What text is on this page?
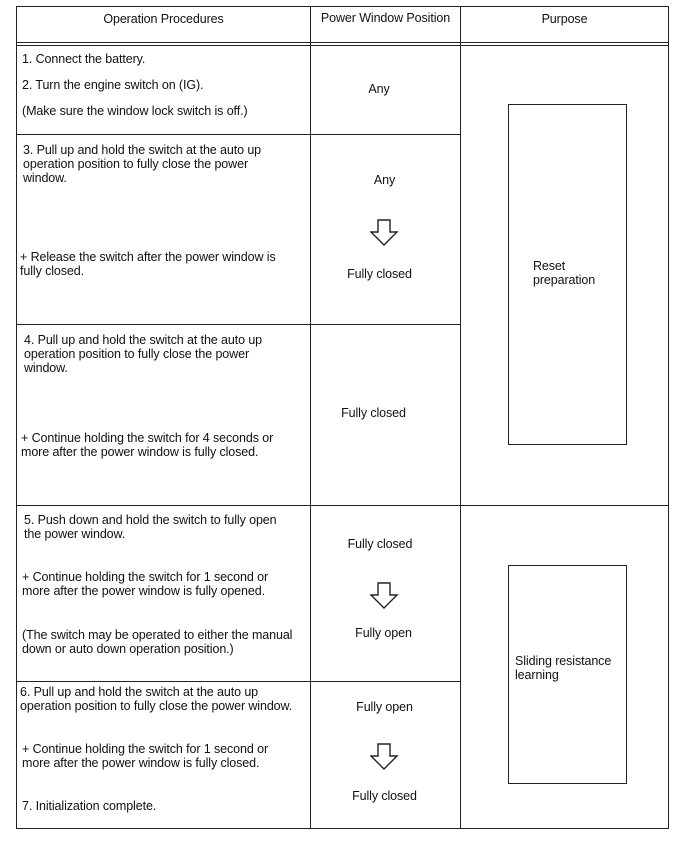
Operation Procedures	Power Window Position	Purpose
1. Connect the battery.
2. Turn the engine switch on (IG).
(Make sure the window lock switch is off.)
Any
3. Pull up and hold the switch at the auto up
operation position to fully close the power
window.
+ Release the switch after the power window is
fully closed.
Any
Fully closed
4. Pull up and hold the switch at the auto up
operation position to fully close the power
window.
+ Continue holding the switch for 4 seconds or
more after the power window is fully closed.
Fully closed
5. Push down and hold the switch to fully open
the power window.
+ Continue holding the switch for 1 second or
more after the power window is fully opened.
(The switch may be operated to either the manual
down or auto down operation position.)
Fully closed
Fully open
6. Pull up and hold the switch at the auto up
operation position to fully close the power window.
+ Continue holding the switch for 1 second or
more after the power window is fully closed.
7. Initialization complete.
Fully open
Fully closed
Reset
preparation
Sliding resistance
learning
